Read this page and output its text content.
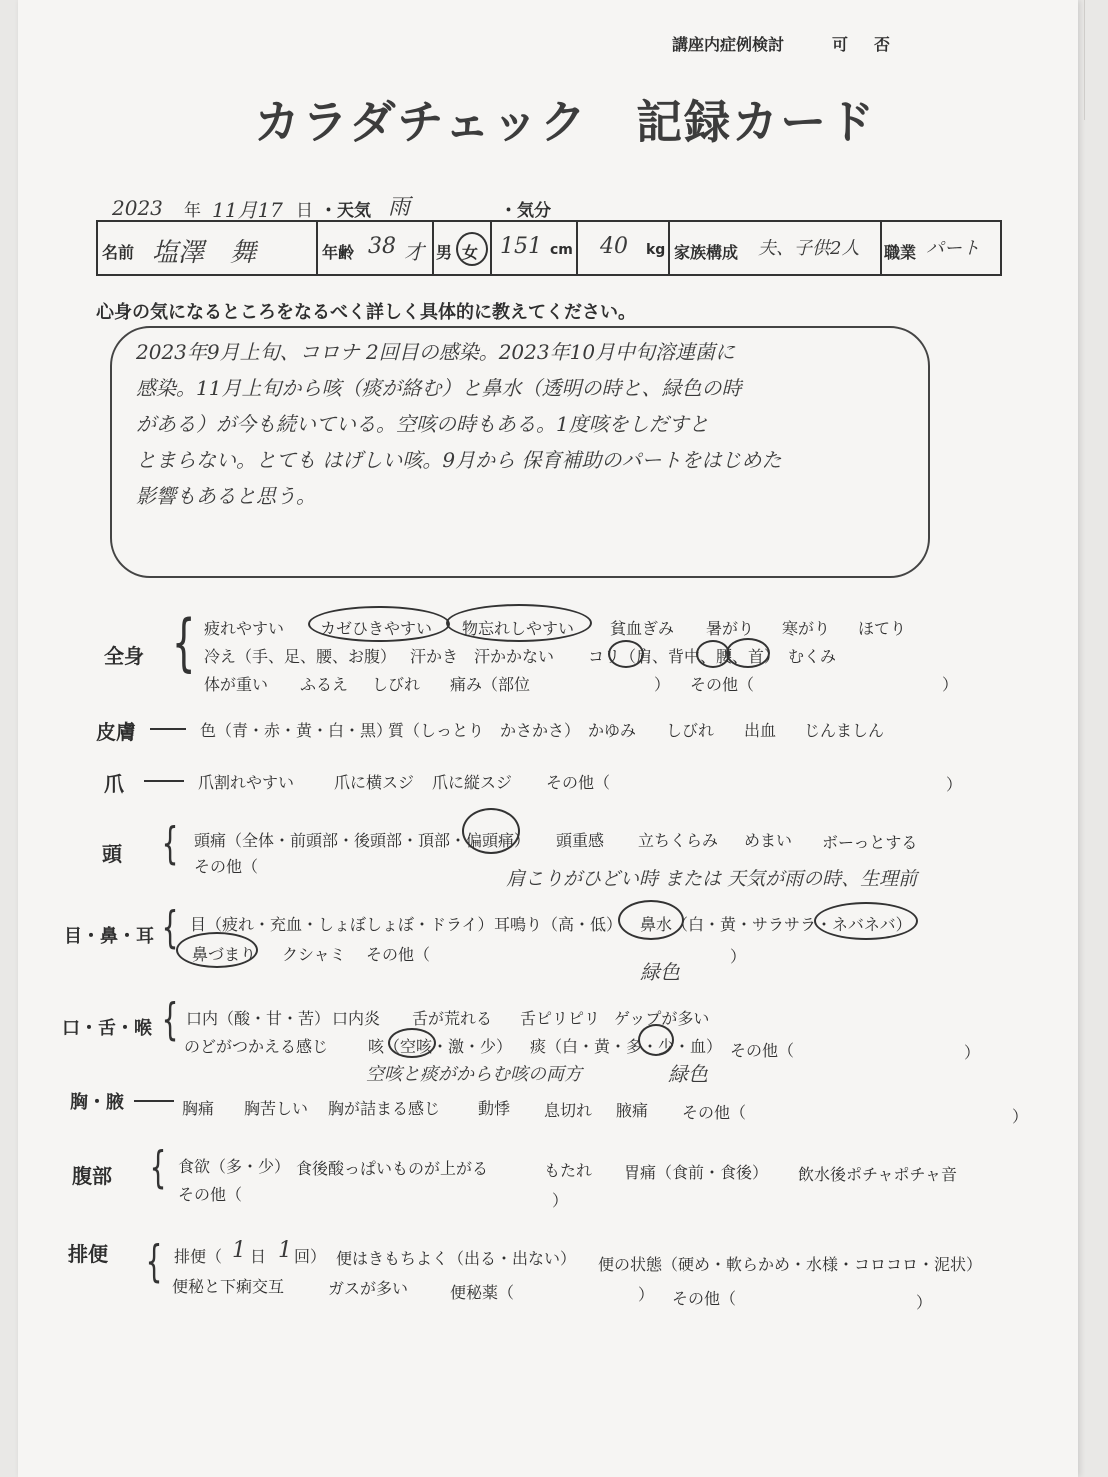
講座内症例検討	可 否
カラダチェック　記録カード
2023 年 11月17 日 ・天気 雨	・気分
名前 塩澤　舞	年齢 38 才 男 女 151 cm 40 kg 家族構成 夫、子供2人 職業 パート
心身の気になるところをなるべく詳しく具体的に教えてください。
2023年9月上旬、コロナ 2回目の感染。2023年10月中旬溶連菌に
感染。11月上旬から咳（痰が絡む）と鼻水（透明の時と、緑色の時
がある）が今も続いている。空咳の時もある。1度咳をしだすと
とまらない。とても はげしい咳。9月から 保育補助のパートをはじめた
影響もあると思う。
全身 { 疲れやすい カゼひきやすい 物忘れしやすい 貧血ぎみ 暑がり 寒がり ほてり
冷え（手、足、腰、お腹） 汗かき 汗かかない コリ（肩、背中、腰、首） むくみ
体が重い ふるえ しびれ 痛み（部位	） その他（	）
皮膚	色（青・赤・黄・白・黒）
質（しっとり　かさかさ） かゆみ しびれ 出血 じんましん
爪	爪割れやすい 爪に横スジ 爪に縦スジ その他（	）
頭 { 頭痛（全体・前頭部・後頭部・頂部・偏頭痛） 頭重感 立ちくらみ めまい ボーっとする
その他（
肩こりがひどい時 または 天気が雨の時、生理前
目・鼻・耳 { 目（疲れ・充血・しょぼしょぼ・ドライ） 耳鳴り（高・低） 鼻水（白・黄・サラサラ・ネバネバ）
鼻づまり クシャミ その他（	）
緑色
口・舌・喉 { 口内（酸・甘・苦） 口内炎 舌が荒れる 舌ピリピリ ゲップが多い
のどがつかえる感じ 咳（空咳・激・少） 痰（白・黄・多・少・血） その他（	）
空咳と痰がからむ咳の両方	緑色
胸・腋	胸痛 胸苦しい 胸が詰まる感じ 動悸 息切れ 腋痛 その他（	）
腹部 { 食欲（多・少） 食後酸っぱいものが上がる	もたれ 胃痛（食前・食後） 飲水後ポチャポチャ音
その他（	）
排便 { 排便（ 1 日 1 回） 便はきもちよく（出る・出ない） 便の状態（硬め・軟らかめ・水様・コロコロ・泥状）
便秘と下痢交互	ガスが多い	便秘薬（	） その他（	）
